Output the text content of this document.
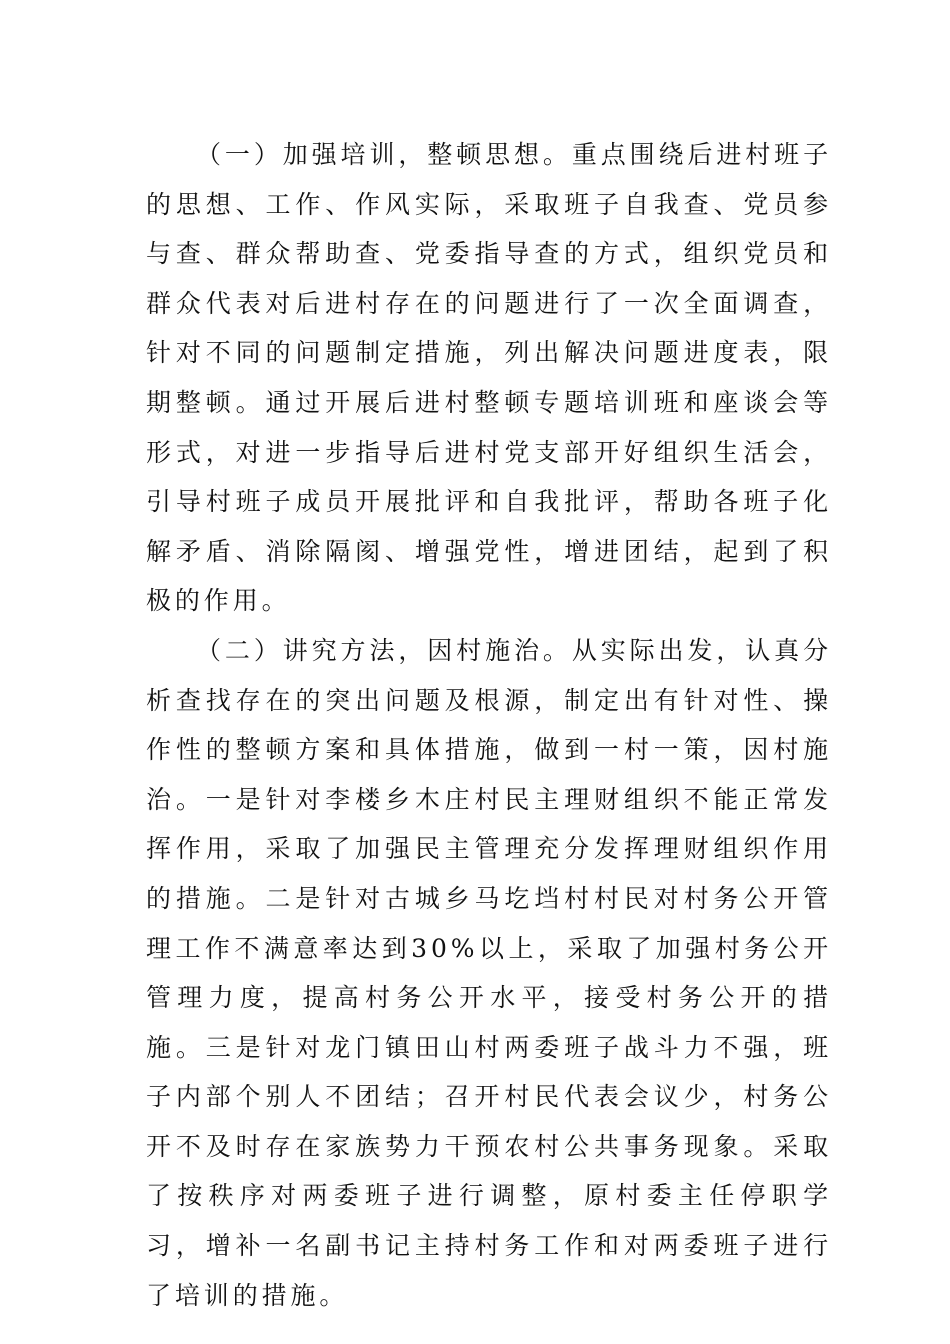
（一）加强培训，整顿思想。重点围绕后进村班子的思想、工作、作风实际，采取班子自我查、党员参与查、群众帮助查、党委指导查的方式，组织党员和群众代表对后进村存在的问题进行了一次全面调查，针对不同的问题制定措施，列出解决问题进度表，限期整顿。通过开展后进村整顿专题培训班和座谈会等形式，对进一步指导后进村党支部开好组织生活会，引导村班子成员开展批评和自我批评，帮助各班子化解矛盾、消除隔阂、增强党性，增进团结，起到了积极的作用。

（二）讲究方法，因村施治。从实际出发，认真分析查找存在的突出问题及根源，制定出有针对性、操作性的整顿方案和具体措施，做到一村一策，因村施治。一是针对李楼乡木庄村民主理财组织不能正常发挥作用，采取了加强民主管理充分发挥理财组织作用的措施。二是针对古城乡马圪垱村村民对村务公开管理工作不满意率达到30%以上，采取了加强村务公开管理力度，提高村务公开水平，接受村务公开的措施。三是针对龙门镇田山村两委班子战斗力不强，班子内部个别人不团结；召开村民代表会议少，村务公开不及时存在家族势力干预农村公共事务现象。采取了按秩序对两委班子进行调整，原村委主任停职学习，增补一名副书记主持村务工作和对两委班子进行了培训的措施。
